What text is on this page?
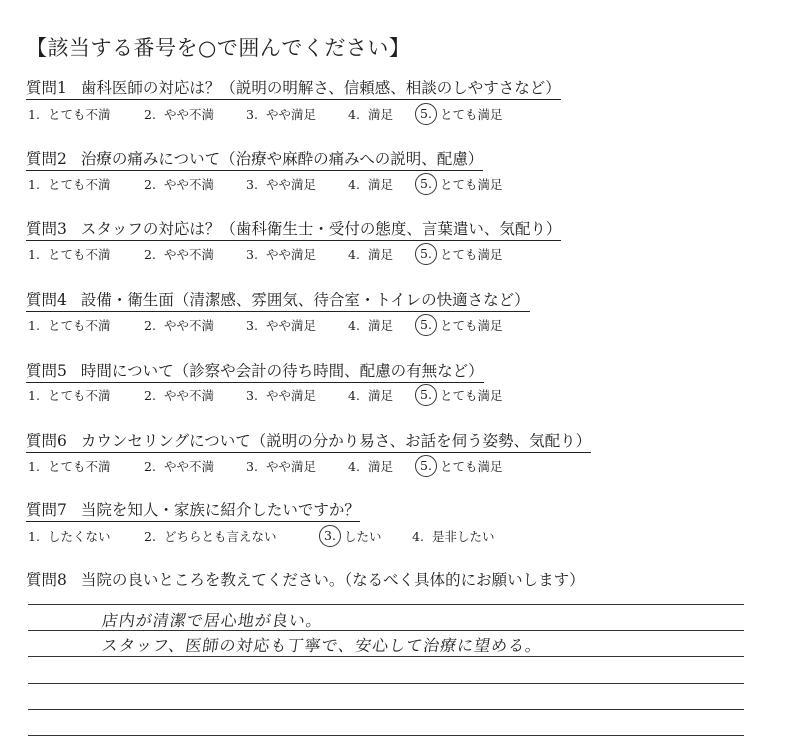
【該当する番号を○で囲んでください】
質問1 歯科医師の対応は？（説明の明解さ、信頼感、相談のしやすさなど）
1. とても不満	2. やや不満	3. やや満足	4. 満足 5. とても満足
質問2 治療の痛みについて（治療や麻酔の痛みへの説明、配慮）
1. とても不満	2. やや不満	3. やや満足	4. 満足 5. とても満足
質問3 スタッフの対応は？（歯科衛生士・受付の態度、言葉遣い、気配り）
1. とても不満	2. やや不満	3. やや満足	4. 満足 5. とても満足
質問4 設備・衛生面（清潔感、雰囲気、待合室・トイレの快適さなど）
1. とても不満	2. やや不満	3. やや満足	4. 満足 5. とても満足
質問5 時間について（診察や会計の待ち時間、配慮の有無など）
1. とても不満	2. やや不満	3. やや満足	4. 満足 5. とても満足
質問6 カウンセリングについて（説明の分かり易さ、お話を伺う姿勢、気配り）
1. とても不満	2. やや不満	3. やや満足	4. 満足 5. とても満足
質問7 当院を知人・家族に紹介したいですか？
1. したくない	2. どちらとも言えない	3. したい 4. 是非したい
質問8 当院の良いところを教えてください。（なるべく具体的にお願いします）
店内が清潔で居心地が良い。
スタッフ、医師の対応も丁寧で、安心して治療に望める。
